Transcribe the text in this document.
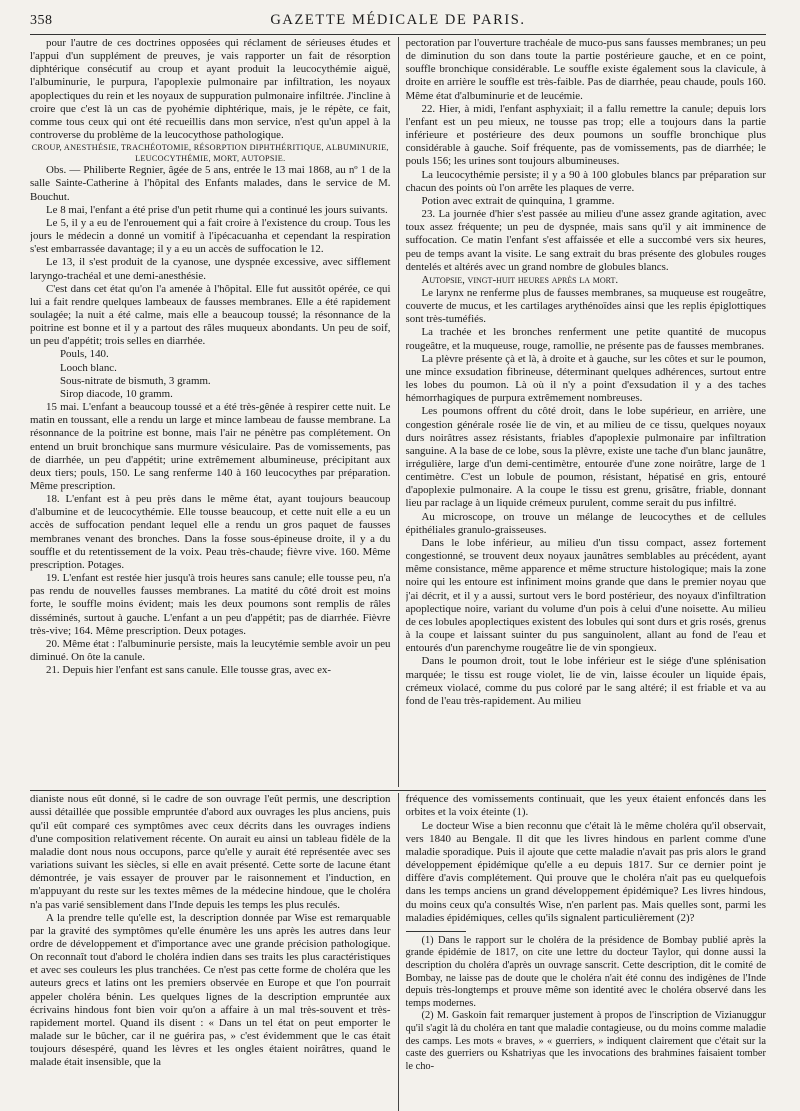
358	GAZETTE MÉDICALE DE PARIS.

pour l'autre de ces doctrines opposées qui réclament de sérieuses études et l'appui d'un supplément de preuves, je vais rapporter un fait de résorption diphtérique consécutif au croup et ayant produit la leucocythémie aiguë, l'albuminurie, le purpura, l'apoplexie pulmonaire par infiltration, les noyaux apoplectiques du rein et les noyaux de suppuration pulmonaire infiltrée. J'incline à croire que c'est là un cas de pyohémie diphtérique, mais, je le répète, ce fait, comme tous ceux qui ont été recueillis dans mon service, n'est qu'un appel à la controverse du problème de la leucocythose pathologique.

CROUP, ANESTHÉSIE, TRACHÉOTOMIE, RÉSORPTION DIPHTHÉRITIQUE, ALBUMINURIE, LEUCOCYTHÉMIE, MORT, AUTOPSIE.

Obs. — Philiberte Regnier, âgée de 5 ans, entrée le 13 mai 1868, au nº 1 de la salle Sainte-Catherine à l'hôpital des Enfants malades, dans le service de M. Bouchut.

Le 8 mai, l'enfant a été prise d'un petit rhume qui a continué les jours suivants.

Le 5, il y a eu de l'enrouement qui a fait croire à l'existence du croup. Tous les jours le médecin a donné un vomitif à l'ipécacuanha et cependant la respiration s'est embarrassée davantage; il y a eu un accès de suffocation le 12.

Le 13, il s'est produit de la cyanose, une dyspnée excessive, avec sifflement laryngo-trachéal et une demi-anesthésie.

C'est dans cet état qu'on l'a amenée à l'hôpital. Elle fut aussitôt opérée, ce qui lui a fait rendre quelques lambeaux de fausses membranes. Elle a été rapidement soulagée; la nuit a été calme, mais elle a beaucoup toussé; la résonnance de la poitrine est bonne et il y a partout des râles muqueux abondants. Un peu de soif, un peu d'appétit; trois selles en diarrhée.

Pouls, 140.

Looch blanc.

Sous-nitrate de bismuth, 3 gramm.

Sirop diacode, 10 gramm.

15 mai. L'enfant a beaucoup toussé et a été très-gênée à respirer cette nuit. Le matin en toussant, elle a rendu un large et mince lambeau de fausse membrane. La résonnance de la poitrine est bonne, mais l'air ne pénètre pas complétement. On entend un bruit bronchique sans murmure vésiculaire. Pas de vomissements, pas de diarrhée, un peu d'appétit; urine extrêmement albumineuse, précipitant aux deux tiers; pouls, 150. Le sang renferme 140 à 160 leucocythes par préparation. Même prescription.

18. L'enfant est à peu près dans le même état, ayant toujours beaucoup d'albumine et de leucocythémie. Elle tousse beaucoup, et cette nuit elle a eu un accès de suffocation pendant lequel elle a rendu un gros paquet de fausses membranes venant des bronches. Dans la fosse sous-épineuse droite, il y a du souffle et du retentissement de la voix. Peau très-chaude; fièvre vive. 160. Même prescription. Potages.

19. L'enfant est restée hier jusqu'à trois heures sans canule; elle tousse peu, n'a pas rendu de nouvelles fausses membranes. La matité du côté droit est moins forte, le souffle moins évident; mais les deux poumons sont remplis de râles disséminés, surtout à gauche. L'enfant a un peu d'appétit; pas de diarrhée. Fièvre très-vive; 164. Même prescription. Deux potages.

20. Même état : l'albuminurie persiste, mais la leucytémie semble avoir un peu diminué. On ôte la canule.

21. Depuis hier l'enfant est sans canule. Elle tousse gras, avec ex-

pectoration par l'ouverture trachéale de muco-pus sans fausses membranes; un peu de diminution du son dans toute la partie postérieure gauche, et en ce point, souffle bronchique considérable. Le souffle existe également sous la clavicule, à droite en arrière le souffle est très-faible. Pas de diarrhée, peau chaude, pouls 160. Même état d'albuminurie et de leucémie.

22. Hier, à midi, l'enfant asphyxiait; il a fallu remettre la canule; depuis lors l'enfant est un peu mieux, ne tousse pas trop; elle a toujours dans la partie inférieure et postérieure des deux poumons un souffle bronchique plus considérable à gauche. Soif fréquente, pas de vomissements, pas de diarrhée; le pouls 156; les urines sont toujours albumineuses.

La leucocythémie persiste; il y a 90 à 100 globules blancs par préparation sur chacun des points où l'on arrête les plaques de verre.

Potion avec extrait de quinquina, 1 gramme.

23. La journée d'hier s'est passée au milieu d'une assez grande agitation, avec toux assez fréquente; un peu de dyspnée, mais sans qu'il y ait imminence de suffocation. Ce matin l'enfant s'est affaissée et elle a succombé vers six heures, peu de temps avant la visite. Le sang extrait du bras présente des globules rouges dentelés et altérés avec un grand nombre de globules blancs.

Autopsie, vingt-huit heures après la mort.

Le larynx ne renferme plus de fausses membranes, sa muqueuse est rougeâtre, couverte de mucus, et les cartilages arythénoïdes ainsi que les replis épiglottiques sont très-tuméfiés.

La trachée et les bronches renferment une petite quantité de mucopus rougeâtre, et la muqueuse, rouge, ramollie, ne présente pas de fausses membranes.

La plèvre présente çà et là, à droite et à gauche, sur les côtes et sur le poumon, une mince exsudation fibrineuse, déterminant quelques adhérences, surtout entre les lobes du poumon. Là où il n'y a point d'exsudation il y a des taches hémorrhagiques de purpura extrêmement nombreuses.

Les poumons offrent du côté droit, dans le lobe supérieur, en arrière, une congestion générale rosée lie de vin, et au milieu de ce tissu, quelques noyaux durs noirâtres assez résistants, friables d'apoplexie pulmonaire par infiltration sanguine. A la base de ce lobe, sous la plèvre, existe une tache d'un blanc jaunâtre, irrégulière, large d'un demi-centimètre, entourée d'une zone noirâtre, large de 1 centimètre. C'est un lobule de poumon, résistant, hépatisé en gris, entouré d'apoplexie pulmonaire. A la coupe le tissu est grenu, grisâtre, friable, donnant lieu par raclage à un liquide crémeux purulent, comme serait du pus infiltré.

Au microscope, on trouve un mélange de leucocythes et de cellules épithéliales granulo-graisseuses.

Dans le lobe inférieur, au milieu d'un tissu compact, assez fortement congestionné, se trouvent deux noyaux jaunâtres semblables au précédent, ayant même consistance, même apparence et même structure histologique; mais la zone noire qui les entoure est infiniment moins grande que dans le premier noyau que j'ai décrit, et il y a aussi, surtout vers le bord postérieur, des noyaux d'infiltration apoplectique noire, variant du volume d'un pois à celui d'une noisette. Au milieu de ces lobules apoplectiques existent des lobules qui sont durs et gris rosés, grenus à la coupe et laissant suinter du pus sanguinolent, allant au fond de l'eau et entourés d'un parenchyme rougeâtre lie de vin spongieux.

Dans le poumon droit, tout le lobe inférieur est le siége d'une splénisation marquée; le tissu est rouge violet, lie de vin, laisse écouler un liquide épais, crémeux violacé, comme du pus coloré par le sang altéré; il est friable et va au fond de l'eau très-rapidement. Au milieu

dianiste nous eût donné, si le cadre de son ouvrage l'eût permis, une description aussi détaillée que possible empruntée d'abord aux ouvrages les plus anciens, puis qu'il eût comparé ces symptômes avec ceux décrits dans les ouvrages indiens d'une composition relativement récente. On aurait eu ainsi un tableau fidèle de la maladie dont nous nous occupons, parce qu'elle y aurait été représentée avec ses variations suivant les siècles, si elle en avait présenté. Cette sorte de lacune étant démontrée, je vais essayer de prouver par le raisonnement et l'induction, en m'appuyant du reste sur les textes mêmes de la médecine hindoue, que le choléra n'a pas varié sensiblement dans l'Inde depuis les temps les plus reculés.

A la prendre telle qu'elle est, la description donnée par Wise est remarquable par la gravité des symptômes qu'elle énumère les uns après les autres dans leur ordre de développement et d'importance avec une grande précision pathologique. On reconnaît tout d'abord le choléra indien dans ses traits les plus caractéristiques et avec ses couleurs les plus tranchées. Ce n'est pas cette forme de choléra que les auteurs grecs et latins ont les premiers observée en Europe et que l'on pourrait appeler choléra bénin. Les quelques lignes de la description empruntée aux écrivains hindous font bien voir qu'on a affaire à un mal très-souvent et très-rapidement mortel. Quand ils disent : « Dans un tel état on peut emporter le malade sur le bûcher, car il ne guérira pas, » c'est évidemment que le cas était toujours désespéré, quand les lèvres et les ongles étaient noirâtres, quand le malade était insensible, que la

fréquence des vomissements continuait, que les yeux étaient enfoncés dans les orbites et la voix éteinte (1).

Le docteur Wise a bien reconnu que c'était là le même choléra qu'il observait, vers 1840 au Bengale. Il dit que les livres hindous en parlent comme d'une maladie sporadique. Puis il ajoute que cette maladie n'avait pas pris alors le grand développement épidémique qu'elle a eu depuis 1817. Sur ce dernier point je diffère d'avis complétement. Qui prouve que le choléra n'ait pas eu quelquefois dans les temps anciens un grand développement épidémique? Les livres hindous, du moins ceux qu'a consultés Wise, n'en parlent pas. Mais quelles sont, parmi les maladies épidémiques, celles qu'ils signalent particulièrement (2)?

(1) Dans le rapport sur le choléra de la présidence de Bombay publié après la grande épidémie de 1817, on cite une lettre du docteur Taylor, qui donne aussi la description du choléra d'après un ouvrage sanscrit. Cette description, dit le comité de Bombay, ne laisse pas de doute que le choléra n'ait été connu des indigènes de l'Inde depuis très-longtemps et prouve même son identité avec le choléra observé dans les temps modernes.

(2) M. Gaskoin fait remarquer justement à propos de l'inscription de Vizianuggur qu'il s'agit là du choléra en tant que maladie contagieuse, ou du moins comme maladie des camps. Les mots « braves, » « guerriers, » indiquent clairement que c'était sur la caste des guerriers ou Kshatriyas que les invocations des brahmines faisaient tomber le cho-
